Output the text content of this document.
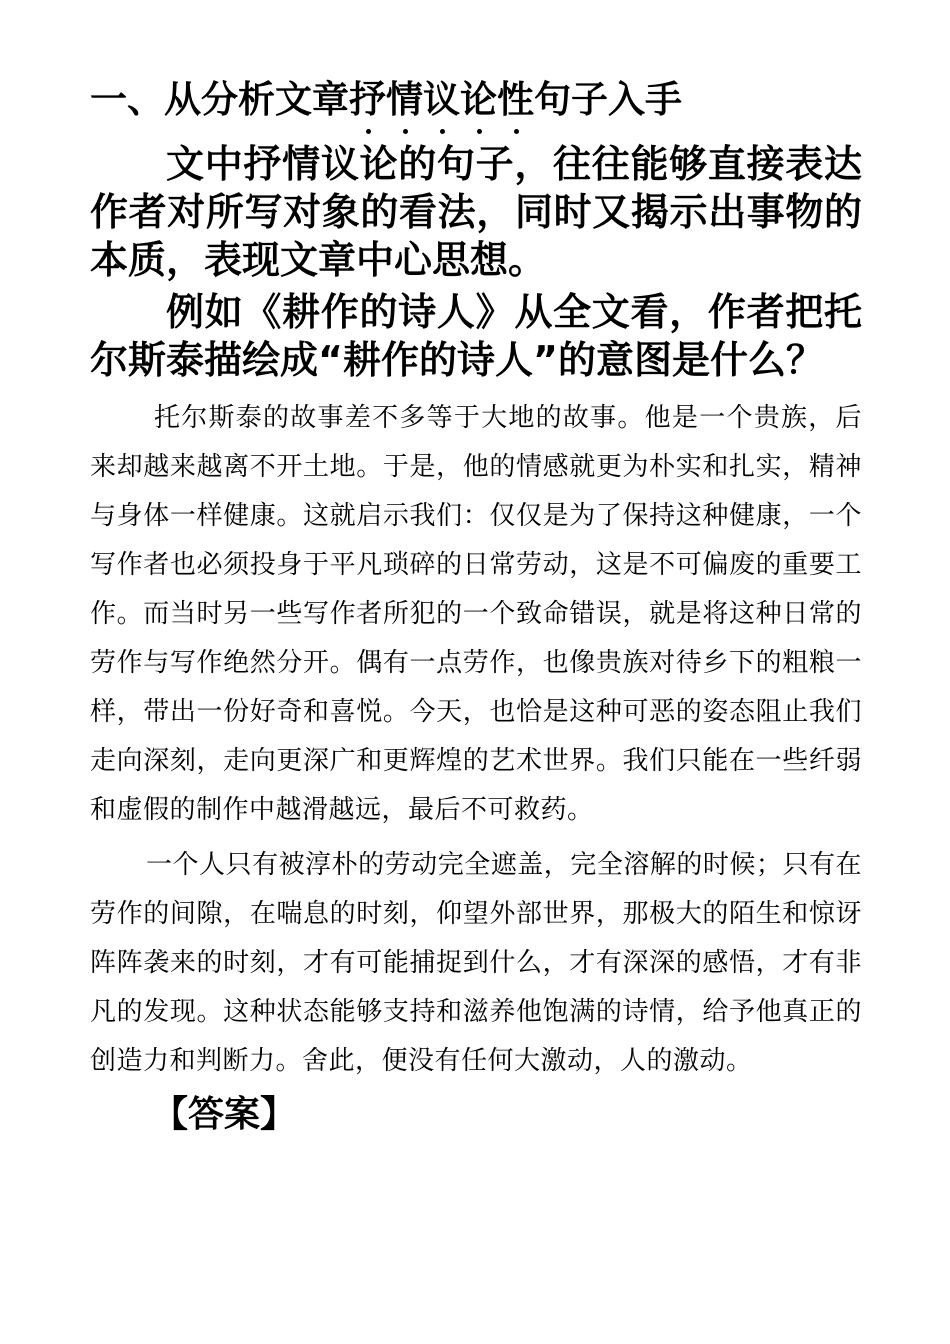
一、从分析文章抒情议论性句子入手

文中抒情议论的句子，往往能够直接表达作者对所写对象的看法，同时又揭示出事物的本质，表现文章中心思想。

例如《耕作的诗人》从全文看，作者把托尔斯泰描绘成“耕作的诗人”的意图是什么？

托尔斯泰的故事差不多等于大地的故事。他是一个贵族，后来却越来越离不开土地。于是，他的情感就更为朴实和扎实，精神与身体一样健康。这就启示我们：仅仅是为了保持这种健康，一个写作者也必须投身于平凡琐碎的日常劳动，这是不可偏废的重要工作。而当时另一些写作者所犯的一个致命错误，就是将这种日常的劳作与写作绝然分开。偶有一点劳作，也像贵族对待乡下的粗粮一样，带出一份好奇和喜悦。今天，也恰是这种可恶的姿态阻止我们走向深刻，走向更深广和更辉煌的艺术世界。我们只能在一些纤弱和虚假的制作中越滑越远，最后不可救药。

一个人只有被淳朴的劳动完全遮盖，完全溶解的时候；只有在劳作的间隙，在喘息的时刻，仰望外部世界，那极大的陌生和惊讶阵阵袭来的时刻，才有可能捕捉到什么，才有深深的感悟，才有非凡的发现。这种状态能够支持和滋养他饱满的诗情，给予他真正的创造力和判断力。舍此，便没有任何大激动，人的激动。

【答案】
